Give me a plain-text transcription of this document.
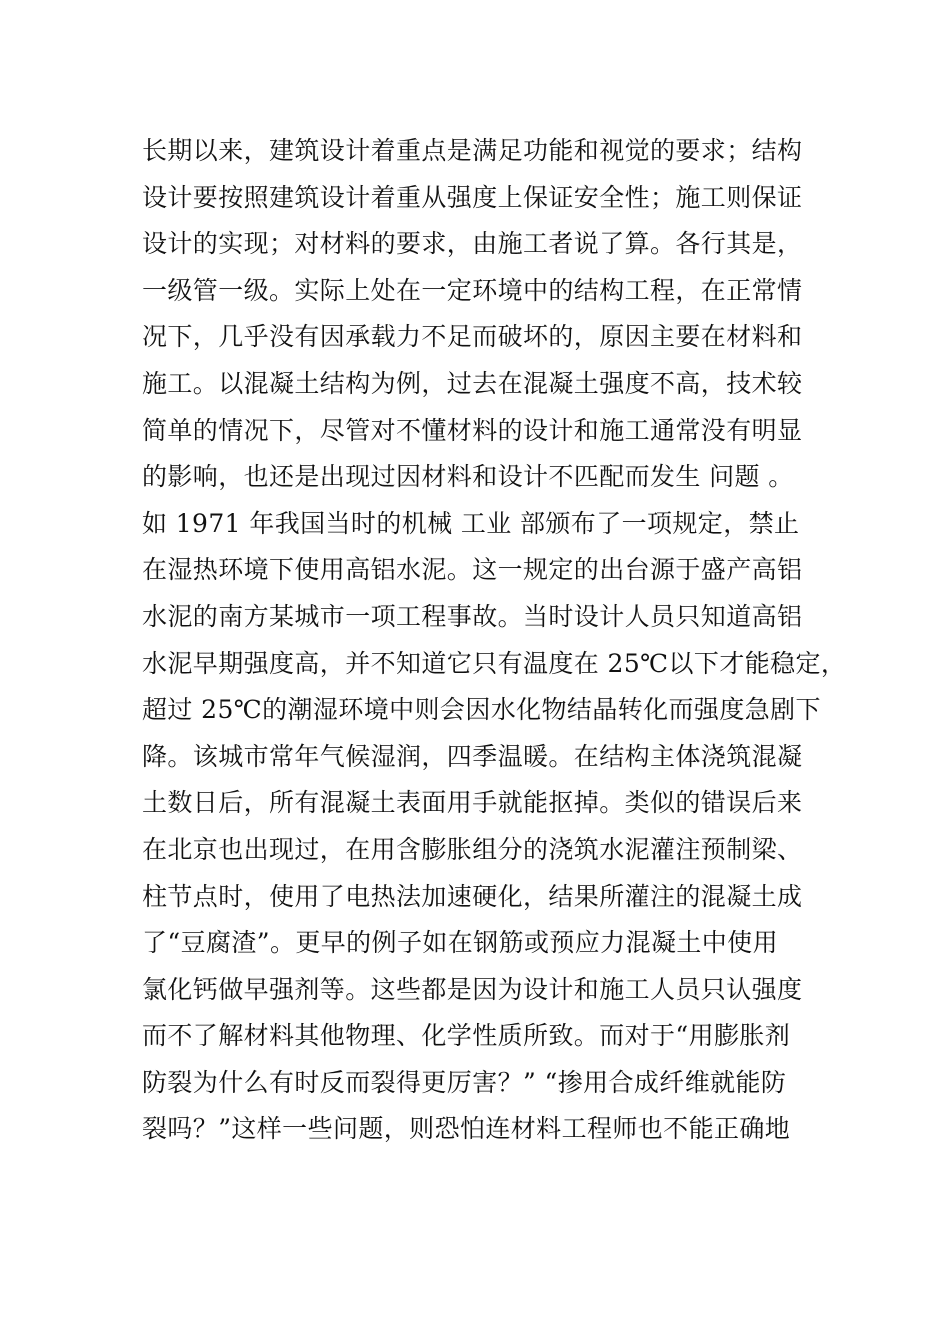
长期以来，建筑设计着重点是满足功能和视觉的要求；结构
设计要按照建筑设计着重从强度上保证安全性；施工则保证
设计的实现；对材料的要求，由施工者说了算。各行其是，
一级管一级。实际上处在一定环境中的结构工程，在正常情
况下，几乎没有因承载力不足而破坏的，原因主要在材料和
施工。以混凝土结构为例，过去在混凝土强度不高，技术较
简单的情况下，尽管对不懂材料的设计和施工通常没有明显
的影响，也还是出现过因材料和设计不匹配而发生 问题 。
如 1971 年我国当时的机械 工业 部颁布了一项规定，禁止
在湿热环境下使用高铝水泥。这一规定的出台源于盛产高铝
水泥的南方某城市一项工程事故。当时设计人员只知道高铝
水泥早期强度高，并不知道它只有温度在 25℃以下才能稳定，
超过 25℃的潮湿环境中则会因水化物结晶转化而强度急剧下
降。该城市常年气候湿润，四季温暖。在结构主体浇筑混凝
土数日后，所有混凝土表面用手就能抠掉。类似的错误后来
在北京也出现过，在用含膨胀组分的浇筑水泥灌注预制梁、
柱节点时，使用了电热法加速硬化，结果所灌注的混凝土成
了“豆腐渣”。更早的例子如在钢筋或预应力混凝土中使用
氯化钙做早强剂等。这些都是因为设计和施工人员只认强度
而不了解材料其他物理、化学性质所致。而对于“用膨胀剂
防裂为什么有时反而裂得更厉害？” “掺用合成纤维就能防
裂吗？”这样一些问题，则恐怕连材料工程师也不能正确地
